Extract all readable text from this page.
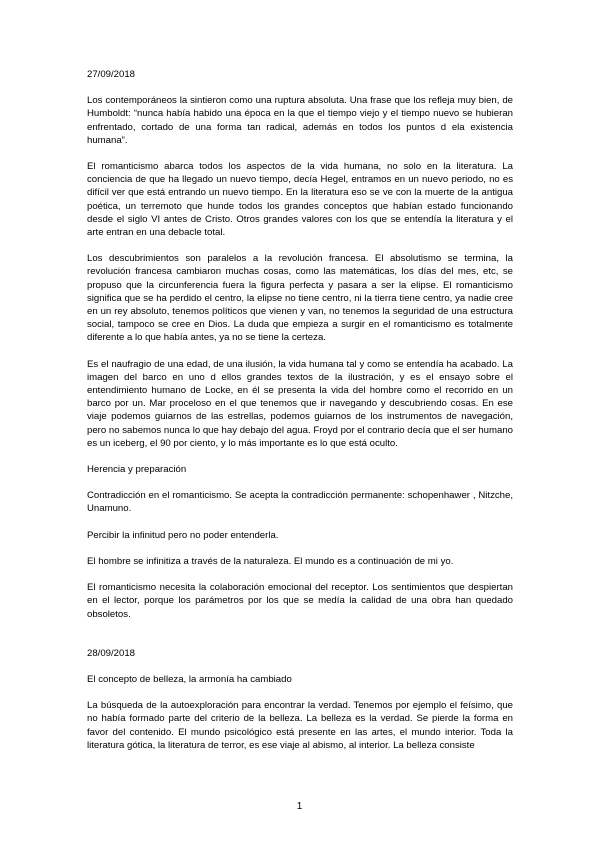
27/09/2018

Los contemporáneos la sintieron como una ruptura absoluta. Una frase que los refleja muy bien, de Humboldt: “nunca había habido una época en la que el tiempo viejo y el tiempo nuevo se hubieran enfrentado, cortado de una forma tan radical, además en todos los puntos d ela existencia humana”.

El romanticismo abarca todos los aspectos de la vida humana, no solo en la literatura. La conciencia de que ha llegado un nuevo tiempo, decía Hegel, entramos en un nuevo periodo, no es difícil ver que está entrando un nuevo tiempo. En la literatura eso se ve con la muerte de la antigua poética, un terremoto que hunde todos los grandes conceptos que habían estado funcionando desde el siglo VI antes de Cristo. Otros grandes valores con los que se entendía la literatura y el arte entran en una debacle total.

Los descubrimientos son paralelos a la revolución francesa. El absolutismo se termina, la revolución francesa cambiaron muchas cosas, como las matemáticas, los días del mes, etc, se propuso que la circunferencia fuera la figura perfecta y pasara a ser la elipse. El romanticismo significa que se ha perdido el centro, la elipse no tiene centro, ni la tierra tiene centro, ya nadie cree en un rey absoluto, tenemos políticos que vienen y van, no tenemos la seguridad de una estructura social, tampoco se cree en Dios. La duda que empieza a surgir en el romanticismo es totalmente diferente a lo que había antes, ya no se tiene la certeza.

Es el naufragio de una edad, de una ilusión, la vida humana tal y como se entendía ha acabado. La imagen del barco en uno d ellos grandes textos de la ilustración, y es el ensayo sobre el entendimiento humano de Locke, en él se presenta la vida del hombre como el recorrido en un barco por un. Mar proceloso en el que tenemos que ir navegando y descubriendo cosas. En ese viaje podemos guiarnos de las estrellas, podemos guiarnos de los instrumentos de navegación, pero no sabemos nunca lo que hay debajo del agua. Froyd por el contrario decía que el ser humano es un iceberg, el 90 por ciento, y lo más importante es lo que está oculto.

Herencia y preparación

Contradicción en el romanticismo. Se acepta la contradicción permanente: schopenhawer , Nitzche, Unamuno.

Percibir la infinitud pero no poder entenderla.

El hombre se infinitiza a través de la naturaleza. El mundo es a continuación de mi yo.

El romanticismo necesita la colaboración emocional del receptor. Los sentimientos que despiertan en el lector, porque los parámetros por los que se medía la calidad de una obra han quedado obsoletos.

28/09/2018

El concepto de belleza, la armonía ha cambiado

La búsqueda de la autoexploración para encontrar la verdad. Tenemos por ejemplo el feísimo, que no había formado parte del criterio de la belleza. La belleza es la verdad. Se pierde la forma en favor del contenido. El mundo psicológico está presente en las artes, el mundo interior. Toda la literatura gótica, la literatura de terror, es ese viaje al abismo, al interior. La belleza consiste

1
